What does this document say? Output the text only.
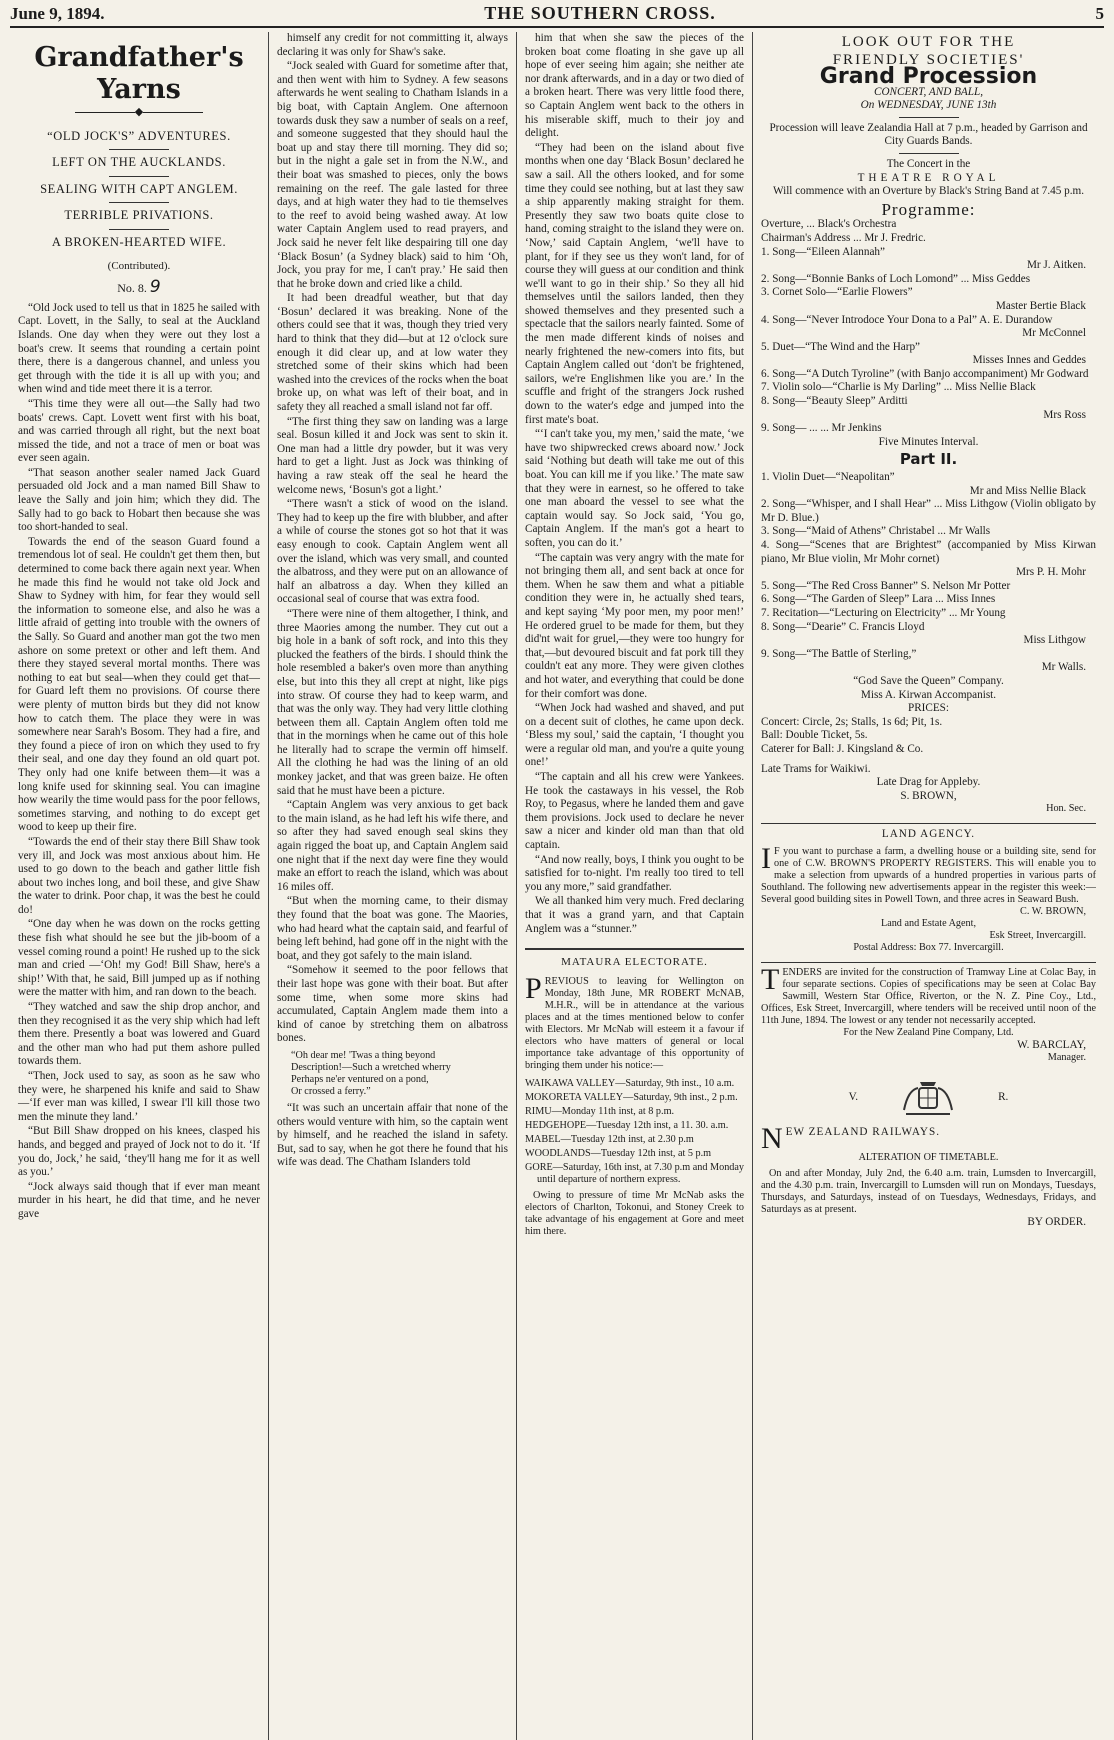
June 9, 1894.	THE SOUTHERN CROSS.	5
Grandfather's
Yarns
◆
“OLD JOCK'S” ADVENTURES.
LEFT ON THE AUCKLANDS.
SEALING WITH CAPT ANGLEM.
TERRIBLE PRIVATIONS.
A BROKEN-HEARTED WIFE.
(Contributed).
No. 8. 9

“Old Jock used to tell us that in 1825 he sailed with Capt. Lovett, in the Sally, to seal at the Auckland Islands. One day when they were out they lost a boat's crew. It seems that rounding a certain point there, there is a dangerous channel, and unless you get through with the tide it is all up with you; and when wind and tide meet there it is a terror.

“This time they were all out—the Sally had two boats' crews. Capt. Lovett went first with his boat, and was carried through all right, but the next boat missed the tide, and not a trace of men or boat was ever seen again.

“That season another sealer named Jack Guard persuaded old Jock and a man named Bill Shaw to leave the Sally and join him; which they did. The Sally had to go back to Hobart then because she was too short-handed to seal.

Towards the end of the season Guard found a tremendous lot of seal. He couldn't get them then, but determined to come back there again next year. When he made this find he would not take old Jock and Shaw to Sydney with him, for fear they would sell the information to someone else, and also he was a little afraid of getting into trouble with the owners of the Sally. So Guard and another man got the two men ashore on some pretext or other and left them. And there they stayed several mortal months. There was nothing to eat but seal—when they could get that—for Guard left them no provisions. Of course there were plenty of mutton birds but they did not know how to catch them. The place they were in was somewhere near Sarah's Bosom. They had a fire, and they found a piece of iron on which they used to fry their seal, and one day they found an old quart pot. They only had one knife between them—it was a long knife used for skinning seal. You can imagine how wearily the time would pass for the poor fellows, sometimes starving, and nothing to do except get wood to keep up their fire.

“Towards the end of their stay there Bill Shaw took very ill, and Jock was most anxious about him. He used to go down to the beach and gather little fish about two inches long, and boil these, and give Shaw the water to drink. Poor chap, it was the best he could do!

“One day when he was down on the rocks getting these fish what should he see but the jib-boom of a vessel coming round a point! He rushed up to the sick man and cried —‘Oh! my God! Bill Shaw, here's a ship!’ With that, he said, Bill jumped up as if nothing were the matter with him, and ran down to the beach.

“They watched and saw the ship drop anchor, and then they recognised it as the very ship which had left them there. Presently a boat was lowered and Guard and the other man who had put them ashore pulled towards them.

“Then, Jock used to say, as soon as he saw who they were, he sharpened his knife and said to Shaw—‘If ever man was killed, I swear I'll kill those two men the minute they land.’

“But Bill Shaw dropped on his knees, clasped his hands, and begged and prayed of Jock not to do it. ‘If you do, Jock,’ he said, ‘they'll hang me for it as well as you.’

“Jock always said though that if ever man meant murder in his heart, he did that time, and he never gave

himself any credit for not committing it, always declaring it was only for Shaw's sake.

“Jock sealed with Guard for sometime after that, and then went with him to Sydney. A few seasons afterwards he went sealing to Chatham Islands in a big boat, with Captain Anglem. One afternoon towards dusk they saw a number of seals on a reef, and someone suggested that they should haul the boat up and stay there till morning. They did so; but in the night a gale set in from the N.W., and their boat was smashed to pieces, only the bows remaining on the reef. The gale lasted for three days, and at high water they had to tie themselves to the reef to avoid being washed away. At low water Captain Anglem used to read prayers, and Jock said he never felt like despairing till one day ‘Black Bosun’ (a Sydney black) said to him ‘Oh, Jock, you pray for me, I can't pray.’ He said then that he broke down and cried like a child.

It had been dreadful weather, but that day ‘Bosun’ declared it was breaking. None of the others could see that it was, though they tried very hard to think that they did—but at 12 o'clock sure enough it did clear up, and at low water they stretched some of their skins which had been washed into the crevices of the rocks when the boat broke up, on what was left of their boat, and in safety they all reached a small island not far off.

“The first thing they saw on landing was a large seal. Bosun killed it and Jock was sent to skin it. One man had a little dry powder, but it was very hard to get a light. Just as Jock was thinking of having a raw steak off the seal he heard the welcome news, ‘Bosun's got a light.’

“There wasn't a stick of wood on the island. They had to keep up the fire with blubber, and after a while of course the stones got so hot that it was easy enough to cook. Captain Anglem went all over the island, which was very small, and counted the albatross, and they were put on an allowance of half an albatross a day. When they killed an occasional seal of course that was extra food.

“There were nine of them altogether, I think, and three Maories among the number. They cut out a big hole in a bank of soft rock, and into this they plucked the feathers of the birds. I should think the hole resembled a baker's oven more than anything else, but into this they all crept at night, like pigs into straw. Of course they had to keep warm, and that was the only way. They had very little clothing between them all. Captain Anglem often told me that in the mornings when he came out of this hole he literally had to scrape the vermin off himself. All the clothing he had was the lining of an old monkey jacket, and that was green baize. He often said that he must have been a picture.

“Captain Anglem was very anxious to get back to the main island, as he had left his wife there, and so after they had saved enough seal skins they again rigged the boat up, and Captain Anglem said one night that if the next day were fine they would make an effort to reach the island, which was about 16 miles off.

“But when the morning came, to their dismay they found that the boat was gone. The Maories, who had heard what the captain said, and fearful of being left behind, had gone off in the night with the boat, and they got safely to the main island.

“Somehow it seemed to the poor fellows that their last hope was gone with their boat. But after some time, when some more skins had accumulated, Captain Anglem made them into a kind of canoe by stretching them on albatross bones.

“Oh dear me! 'Twas a thing beyond
Description!—Such a wretched wherry
Perhaps ne'er ventured on a pond,
Or crossed a ferry.”

“It was such an uncertain affair that none of the others would venture with him, so the captain went by himself, and he reached the island in safety. But, sad to say, when he got there he found that his wife was dead. The Chatham Islanders told

him that when she saw the pieces of the broken boat come floating in she gave up all hope of ever seeing him again; she neither ate nor drank afterwards, and in a day or two died of a broken heart. There was very little food there, so Captain Anglem went back to the others in his miserable skiff, much to their joy and delight.

“They had been on the island about five months when one day ‘Black Bosun’ declared he saw a sail. All the others looked, and for some time they could see nothing, but at last they saw a ship apparently making straight for them. Presently they saw two boats quite close to hand, coming straight to the island they were on. ‘Now,’ said Captain Anglem, ‘we'll have to plant, for if they see us they won't land, for of course they will guess at our condition and think we'll want to go in their ship.’ So they all hid themselves until the sailors landed, then they showed themselves and they presented such a spectacle that the sailors nearly fainted. Some of the men made different kinds of noises and nearly frightened the new-comers into fits, but Captain Anglem called out ‘don't be frightened, sailors, we're Englishmen like you are.’ In the scuffle and fright of the strangers Jock rushed down to the water's edge and jumped into the first mate's boat.

“‘I can't take you, my men,’ said the mate, ‘we have two shipwrecked crews aboard now.’ Jock said ‘Nothing but death will take me out of this boat. You can kill me if you like.’ The mate saw that they were in earnest, so he offered to take one man aboard the vessel to see what the captain would say. So Jock said, ‘You go, Captain Anglem. If the man's got a heart to soften, you can do it.’

“The captain was very angry with the mate for not bringing them all, and sent back at once for them. When he saw them and what a pitiable condition they were in, he actually shed tears, and kept saying ‘My poor men, my poor men!’ He ordered gruel to be made for them, but they did'nt wait for gruel,—they were too hungry for that,—but devoured biscuit and fat pork till they couldn't eat any more. They were given clothes and hot water, and everything that could be done for their comfort was done.

“When Jock had washed and shaved, and put on a decent suit of clothes, he came upon deck. ‘Bless my soul,’ said the captain, ‘I thought you were a regular old man, and you're a quite young one!’

“The captain and all his crew were Yankees. He took the castaways in his vessel, the Rob Roy, to Pegasus, where he landed them and gave them provisions. Jock used to declare he never saw a nicer and kinder old man than that old captain.

“And now really, boys, I think you ought to be satisfied for to-night. I'm really too tired to tell you any more,” said grandfather.

We all thanked him very much. Fred declaring that it was a grand yarn, and that Captain Anglem was a “stunner.”

MATAURA ELECTORATE.
P REVIOUS to leaving for Wellington on Monday, 18th June, MR ROBERT McNAB, M.H.R., will be in attendance at the various places and at the times mentioned below to confer with Electors. Mr McNab will esteem it a favour if electors who have matters of general or local importance take advantage of this opportunity of bringing them under his notice:—

WAIKAWA VALLEY—Saturday, 9th inst., 10 a.m.

MOKORETA VALLEY—Saturday, 9th inst., 2 p.m.

RIMU—Monday 11th inst, at 8 p.m.

HEDGEHOPE—Tuesday 12th inst, a 11. 30. a.m.

MABEL—Tuesday 12th inst, at 2.30 p.m

WOODLANDS—Tuesday 12th inst, at 5 p.m

GORE—Saturday, 16th inst, at 7.30 p.m and Monday until departure of northern express.

Owing to pressure of time Mr McNab asks the electors of Charlton, Tokonui, and Stoney Creek to take advantage of his engagement at Gore and meet him there.
LOOK OUT FOR THE
FRIENDLY SOCIETIES'
Grand Procession
CONCERT, AND BALL,
On WEDNESDAY, JUNE 13th
Procession will leave Zealandia Hall at 7 p.m., headed by Garrison and City Guards Bands.
The Concert in the
THEATRE ROYAL
Will commence with an Overture by Black's String Band at 7.45 p.m.
Programme:
Overture, ... Black's Orchestra
Chairman's Address ... Mr J. Fredric.
1. Song—“Eileen Alannah”
Mr J. Aitken.
2. Song—“Bonnie Banks of Loch Lomond” ... Miss Geddes
3. Cornet Solo—“Earlie Flowers”
Master Bertie Black
4. Song—“Never Introdoce Your Dona to a Pal” A. E. Durandow
Mr McConnel
5. Duet—“The Wind and the Harp”
Misses Innes and Geddes
6. Song—“A Dutch Tyroline” (with Banjo accompaniment) Mr Godward
7. Violin solo—“Charlie is My Darling” ... Miss Nellie Black
8. Song—“Beauty Sleep” Arditti
Mrs Ross
9. Song— ... ... Mr Jenkins
Five Minutes Interval.
Part II.
1. Violin Duet—“Neapolitan”
Mr and Miss Nellie Black
2. Song—“Whisper, and I shall Hear” ... Miss Lithgow (Violin obligato by Mr D. Blue.)
3. Song—“Maid of Athens” Christabel ... Mr Walls
4. Song—“Scenes that are Brightest” (accompanied by Miss Kirwan piano, Mr Blue violin, Mr Mohr cornet)
Mrs P. H. Mohr
5. Song—“The Red Cross Banner” S. Nelson Mr Potter
6. Song—“The Garden of Sleep” Lara ... Miss Innes
7. Recitation—“Lecturing on Electricity” ... Mr Young
8. Song—“Dearie” C. Francis Lloyd
Miss Lithgow
9. Song—“The Battle of Sterling,”
Mr Walls.
“God Save the Queen” Company.
Miss A. Kirwan Accompanist.
PRICES:
Concert: Circle, 2s; Stalls, 1s 6d; Pit, 1s.
Ball: Double Ticket, 5s.
Caterer for Ball: J. Kingsland & Co.
Late Trams for Waikiwi.
Late Drag for Appleby.
S. BROWN,
Hon. Sec.
LAND AGENCY.
I F you want to purchase a farm, a dwelling house or a building site, send for one of C.W. BROWN'S PROPERTY REGISTERS. This will enable you to make a selection from upwards of a hundred properties in various parts of Southland. The following new advertisements appear in the register this week:—Several good building sites in Powell Town, and three acres in Seaward Bush.
C. W. BROWN,
Land and Estate Agent,
Esk Street, Invercargill.
Postal Address: Box 77. Invercargill.
T ENDERS are invited for the construction of Tramway Line at Colac Bay, in four separate sections. Copies of specifications may be seen at Colac Bay Sawmill, Western Star Office, Riverton, or the N. Z. Pine Coy., Ltd., Offices, Esk Street, Invercargill, where tenders will be received until noon of the 11th June, 1894. The lowest or any tender not necessarily accepted.
For the New Zealand Pine Company, Ltd.
W. BARCLAY,
Manager.
V.	R.
N EW ZEALAND RAILWAYS.
ALTERATION OF TIMETABLE.
On and after Monday, July 2nd, the 6.40 a.m. train, Lumsden to Invercargill, and the 4.30 p.m. train, Invercargill to Lumsden will run on Mondays, Tuesdays, Thursdays, and Saturdays, instead of on Tuesdays, Wednesdays, Fridays, and Saturdays as at present.
BY ORDER.
